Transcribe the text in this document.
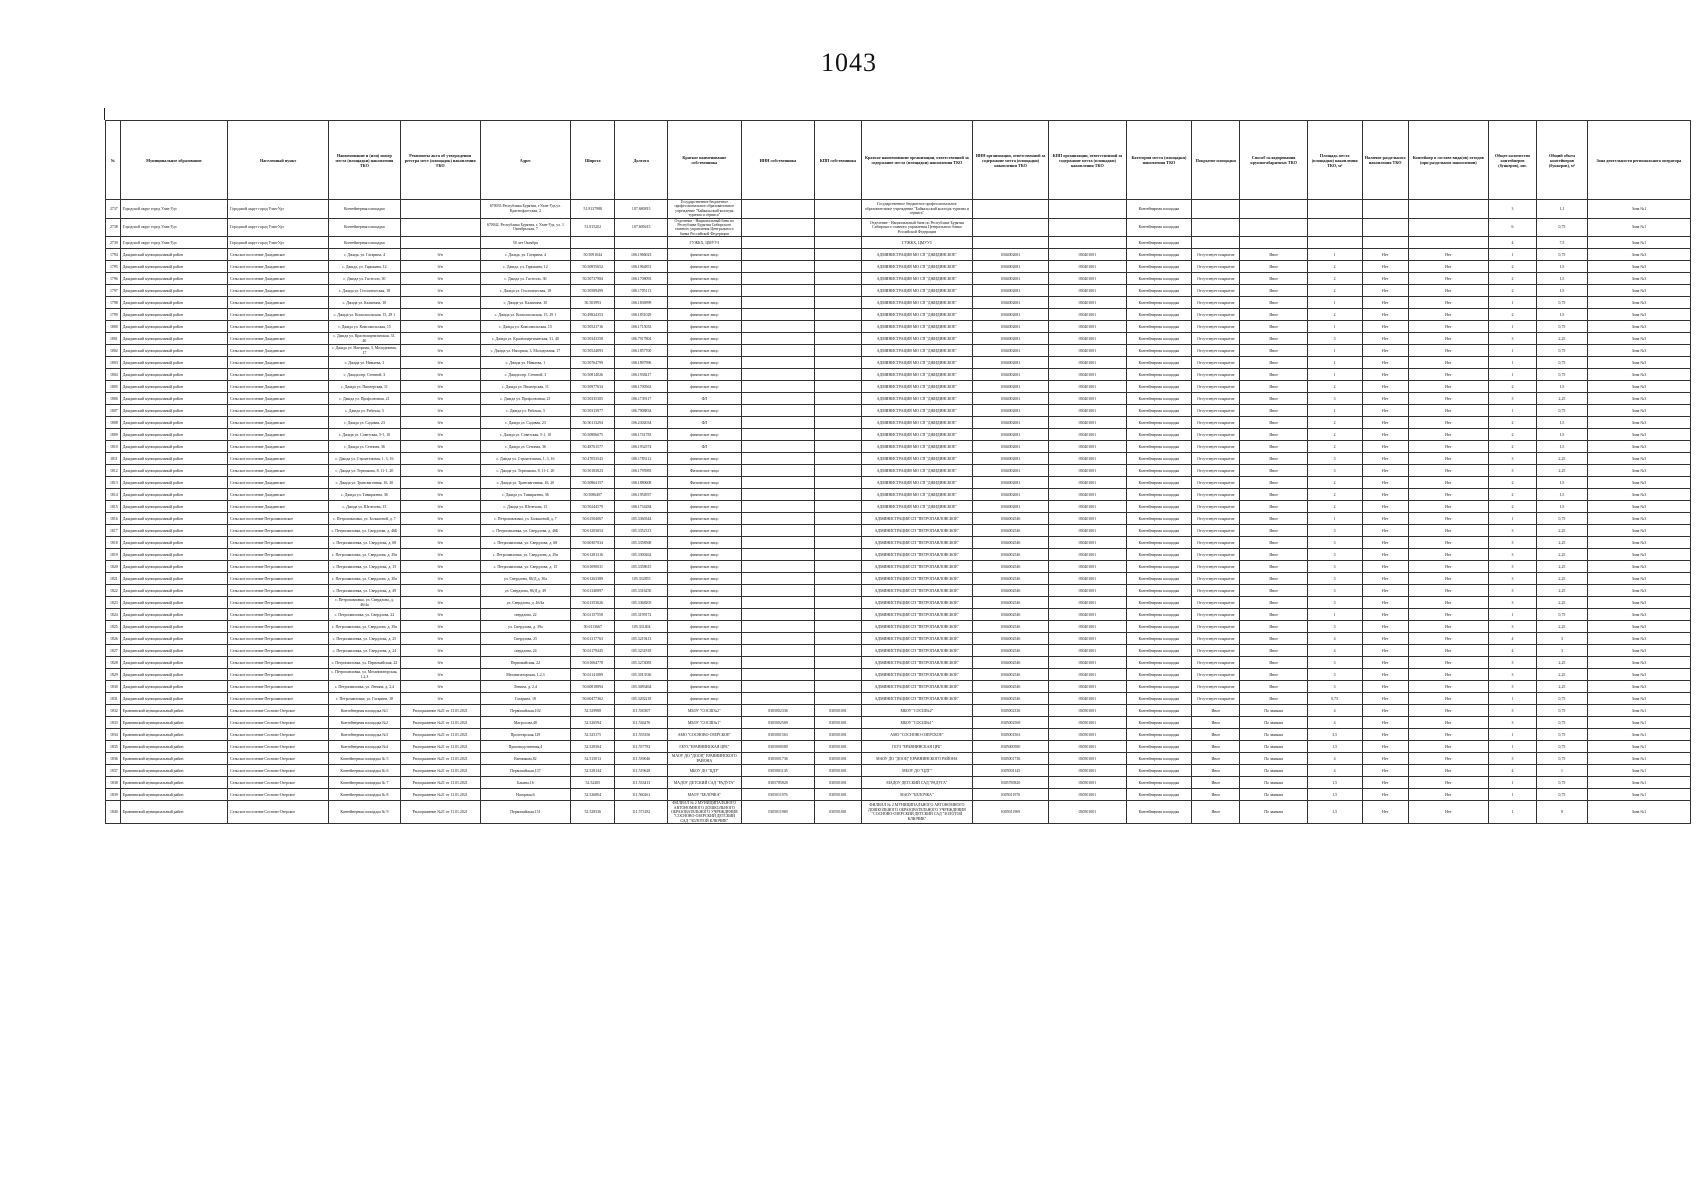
1043
№	Муниципальное образование	Населенный пункт	Наименование и (или) номер места (площадки) накопления ТКО	Реквизиты акта об утверждении реестра мест (площадок) накопления ТКО	Адрес	Широта	Долгота	Краткое наименование собственника	ИНН собственника	КПП собственника	Краткое наименование организации, ответственной за содержание места (площадки) накопления ТКО	ИНН организации, ответственной за содержание места (площадки) накопления ТКО	КПП организации, ответственной за содержание места (площадки) накопления ТКО	Категория места (площадки) накопления ТКО	Покрытие площадки	Способ складирования крупногабаритных ТКО	Площадь места (площадки) накопления ТКО, м²	Наличие раздельного накопления ТКО	Контейнер в составе вида(ов) отходов (при раздельном накоплении)	Общее количество контейнеров (бункеров), шт.	Общий объем контейнеров (бункеров), м³	Зона деятельности регионального оператора
2737	Городской округ город Улан-Удэ	Городской округ город Улан-Удэ	Контейнерная площадка		670033 Республика Бурятия, г.Улан-Удэ,ул. Краснофлотская, 2	51.8137988	107.680815	Государственное бюджетное профессиональное образовательное учреждение "Байкальский колледж туризма и сервиса"			Государственное бюджетное профессиональное образовательное учреждение "Байкальский колледж туризма и сервиса"			Контейнерная площадка						3	1,1	Зона №1
2738	Городской округ город Улан-Удэ	Городской округ город Улан-Удэ	Контейнерная площадка		670042, Республика Бурятия, г. Улан-Удэ, ул. 1 Октябрьская, 7	51.815202	107.609415	Отделение - Национальный банк по Республике Бурятия Сибирского главного управления Центрального банка Российской Федерации			Отделение - Национальный банк по Республике Бурятия Сибирского главного управления Центрального банка Российской Федерации			Контейнерная площадка						6	0,75	Зона №1
2739	Городской округ город Улан-Удэ	Городской округ город Улан-Удэ	Контейнерная площадка		50 лет Октября			ГУЖКХ, ЦМУУЗ			ГУЖКХ, ЦМУУЗ			Контейнерная площадка						4	7,5	Зона №1
1794	Джидинский муниципальный район	Сельское поселение Джидинское	с. Джида, ул. Гагарина, 4	б/н	с. Джида, ул. Гагарина, 4	50.5091044	106.1966023	физическое лицо			АДМИНИСТРАЦИЯ МО СП "ДЖИДИНСКОЕ"	0304002681	030401001	Контейнерная площадка	Отсутствует покрытие	Иное	1	Нет	Нет	1	0,75	Зона №3
1795	Джидинский муниципальный район	Сельское поселение Джидинское	с. Джида, ул. Гарыкина, 12	б/н	с. Джида, ул. Гарыкина, 12	50.50855652	106.1964851	физическое лицо			АДМИНИСТРАЦИЯ МО СП "ДЖИДИНСКОЕ"	0304002681	030401001	Контейнерная площадка	Отсутствует покрытие	Иное	2	Нет	Нет	2	1,5	Зона №3
1796	Джидинский муниципальный район	Сельское поселение Джидинское	с. Джида ул. Гастелло, 30	б/н	с. Джида ул. Гастелло, 30	50.50737984	106.1708093	физическое лицо			АДМИНИСТРАЦИЯ МО СП "ДЖИДИНСКОЕ"	0304002681	030401001	Контейнерная площадка	Отсутствует покрытие	Иное	2	Нет	Нет	2	1,5	Зона №3
1797	Джидинский муниципальный район	Сельское поселение Джидинское	с. Джида ул. Геологическая, 18	б/н	с. Джида ул. Геологическая, 18	50.50589499	106.1705113	физическое лицо			АДМИНИСТРАЦИЯ МО СП "ДЖИДИНСКОЕ"	0304002681	030401001	Контейнерная площадка	Отсутствует покрытие	Иное	2	Нет	Нет	2	1,5	Зона №3
1798	Джидинский муниципальный район	Сельское поселение Джидинское	с. Джида ул. Калинина, 10	б/н	с. Джида ул. Калинина, 10	50.503993	106.1836999	физическое лицо			АДМИНИСТРАЦИЯ МО СП "ДЖИДИНСКОЕ"	0304002681	030401001	Контейнерная площадка	Отсутствует покрытие	Иное	1	Нет	Нет	1	0,75	Зона №3
1799	Джидинский муниципальный район	Сельское поселение Джидинское	с. Джида ул. Комсомольская, 15, 29 1	б/н	с. Джида ул. Комсомольская, 15, 29 1	50.49824353	106.1831029	физическое лицо			АДМИНИСТРАЦИЯ МО СП "ДЖИДИНСКОЕ"	0304002681	030401001	Контейнерная площадка	Отсутствует покрытие	Иное	2	Нет	Нет	2	1,5	Зона №3
1800	Джидинский муниципальный район	Сельское поселение Джидинское	с. Джида ул. Комсомольская, 15	б/н	с. Джида ул. Комсомольская, 15	50.50521716	106.1715033	физическое лицо			АДМИНИСТРАЦИЯ МО СП "ДЖИДИНСКОЕ"	0304002681	030401001	Контейнерная площадка	Отсутствует покрытие	Иное	1	Нет	Нет	1	0,75	Зона №3
1801	Джидинский муниципальный район	Сельское поселение Джидинское	с. Джида ул. Краснопартизанская, 31, 40	б/н	с. Джида ул. Краснопартизанская, 31, 40	50.50343358	106.7917804	физическое лицо			АДМИНИСТРАЦИЯ МО СП "ДЖИДИНСКОЕ"	0304002681	030401001	Контейнерная площадка	Отсутствует покрытие	Иное	3	Нет	Нет	3	2,25	Зона №3
1802	Джидинский муниципальный район	Сельское поселение Джидинское	с. Джида ул. Нагорная, 3, Молодежная, 17	б/н	с. Джида ул. Нагорная, 3, Молодежная, 17	50.50524093	106.1857700	физическое лицо			АДМИНИСТРАЦИЯ МО СП "ДЖИДИНСКОЕ"	0304002681	030401001	Контейнерная площадка	Отсутствует покрытие	Иное	1	Нет	Нет	1	0,75	Зона №3
1803	Джидинский муниципальный район	Сельское поселение Джидинское	с. Джида ул. Нимаева, 1	б/н	с. Джида ул. Нимаева, 1	50.50764799	106.1897996	физическое лицо			АДМИНИСТРАЦИЯ МО СП "ДЖИДИНСКОЕ"	0304002681	030401001	Контейнерная площадка	Отсутствует покрытие	Иное	1	Нет	Нет	1	0,75	Зона №3
1804	Джидинский муниципальный район	Сельское поселение Джидинское	с. Джида пер. Степной, 3	б/н	с. Джида пер. Степной, 3	50.50814026	106.1938217	физическое лицо			АДМИНИСТРАЦИЯ МО СП "ДЖИДИНСКОЕ"	0304002681	030401001	Контейнерная площадка	Отсутствует покрытие	Иное	1	Нет	Нет	1	0,75	Зона №3
1805	Джидинский муниципальный район	Сельское поселение Джидинское	с. Джида ул. Пионерская, 11	б/н	с. Джида ул. Пионерская, 11	50.50977634	106.1700563	физическое лицо			АДМИНИСТРАЦИЯ МО СП "ДЖИДИНСКОЕ"	0304002681	030401001	Контейнерная площадка	Отсутствует покрытие	Иное	2	Нет	Нет	2	1,5	Зона №3
1806	Джидинский муниципальный район	Сельское поселение Джидинское	с. Джида ул. Профсоюзная, 21	б/н	с. Джида ул. Профсоюзная, 21	50.50335305	106.1739117	ФЛ			АДМИНИСТРАЦИЯ МО СП "ДЖИДИНСКОЕ"	0304002681	030401001	Контейнерная площадка	Отсутствует покрытие	Иное	3	Нет	Нет	3	2,25	Зона №3
1807	Джидинский муниципальный район	Сельское поселение Джидинское	с. Джида ул. Рабочая, 3	б/н	с. Джида ул. Рабочая, 3	50.50313977	106.7908834	физическое лицо			АДМИНИСТРАЦИЯ МО СП "ДЖИДИНСКОЕ"	0304002681	030401001	Контейнерная площадка	Отсутствует покрытие	Иное	1	Нет	Нет	1	0,75	Зона №3
1808	Джидинский муниципальный район	Сельское поселение Джидинское	с. Джида ул. Садовая, 23	б/н	с. Джида ул. Садовая, 23	50.50113294	106.2302034	ФЛ			АДМИНИСТРАЦИЯ МО СП "ДЖИДИНСКОЕ"	0304002681	030401001	Контейнерная площадка	Отсутствует покрытие	Иное	2	Нет	Нет	2	1,5	Зона №3
1809	Джидинский муниципальный район	Сельское поселение Джидинское	с. Джида ул. Советская, 5-1, 10	б/н	с. Джида ул. Советская, 5-1, 10	50.50806675	106.1741783	физическое лицо			АДМИНИСТРАЦИЯ МО СП "ДЖИДИНСКОЕ"	0304002681	030401001	Контейнерная площадка	Отсутствует покрытие	Иное	2	Нет	Нет	2	1,5	Зона №3
1810	Джидинский муниципальный район	Сельское поселение Джидинское	с. Джида ул. Степная, 36	б/н	с. Джида ул. Степная, 36	50.48761577	106.1932574	ФЛ			АДМИНИСТРАЦИЯ МО СП "ДЖИДИНСКОЕ"	0304002681	030401001	Контейнерная площадка	Отсутствует покрытие	Иное	2	Нет	Нет	2	1,5	Зона №3
1811	Джидинский муниципальный район	Сельское поселение Джидинское	с. Джида ул. Строительная, 1, 3, 16	б/н	с. Джида ул. Строительная, 1, 3, 16	50.47053543	106.1783112	физическое лицо			АДМИНИСТРАЦИЯ МО СП "ДЖИДИНСКОЕ"	0304002681	030401001	Контейнерная площадка	Отсутствует покрытие	Иное	3	Нет	Нет	3	2,25	Зона №3
1812	Джидинский муниципальный район	Сельское поселение Джидинское	с. Джида ул. Терешкова, 8, 11-1, 20	б/н	с. Джида ул. Терешкова, 8, 11-1, 20	50.50183023	106.1795983	Физическое лицо			АДМИНИСТРАЦИЯ МО СП "ДЖИДИНСКОЕ"	0304002681	030401001	Контейнерная площадка	Отсутствует покрытие	Иное	3	Нет	Нет	3	2,25	Зона №3
1813	Джидинский муниципальный район	Сельское поселение Джидинское	с. Джида ул. Трансвагонная, 16, 20	б/н	с. Джида ул. Трансвагонная, 16, 20	50.50864157	106.1880608	Физическое лицо			АДМИНИСТРАЦИЯ МО СП "ДЖИДИНСКОЕ"	0304002681	030401001	Контейнерная площадка	Отсутствует покрытие	Иное	2	Нет	Нет	2	1,5	Зона №3
1814	Джидинский муниципальный район	Сельское поселение Джидинское	с. Джида ул. Тимирязева, 36	б/н	с. Джида ул. Тимирязева, 36	50.5086407	106.1954937	физическое лицо			АДМИНИСТРАЦИЯ МО СП "ДЖИДИНСКОЕ"	0304002681	030401001	Контейнерная площадка	Отсутствует покрытие	Иное	2	Нет	Нет	2	1,5	Зона №3
1815	Джидинский муниципальный район	Сельское поселение Джидинское	с. Джида ул. Шелехова, 15	б/н	с. Джида ул. Шелехова, 15	50.50244579	106.1734284	физическое лицо			АДМИНИСТРАЦИЯ МО СП "ДЖИДИНСКОЕ"	0304002681	030401001	Контейнерная площадка	Отсутствует покрытие	Иное	2	Нет	Нет	2	1,5	Зона №3
1816	Джидинский муниципальный район	Сельское поселение Петропавловское	с. Петропавловка, ул. Большевой, д. 7	б/н	с. Петропавловка, ул. Большевой, д. 7	50.61504067	105.3360344	физическое лицо			АДМИНИСТРАЦИЯ СП "ПЕТРОПАВЛОВСКОЕ"	0304002546	030401001	Контейнерная площадка	Отсутствует покрытие	Иное	1	Нет	Нет	1	0,75	Зона №3
1817	Джидинский муниципальный район	Сельское поселение Петропавловское	с. Петропавловка, ул. Свердлова, д. 46Б	б/н	с. Петропавловка, ул. Свердлова, д. 46Б	50.61203654	105.3352313	физическое лицо			АДМИНИСТРАЦИЯ СП "ПЕТРОПАВЛОВСКОЕ"	0304002546	030401001	Контейнерная площадка	Отсутствует покрытие	Иное	3	Нет	Нет	3	2,25	Зона №3
1818	Джидинский муниципальный район	Сельское поселение Петропавловское	с. Петропавловка, ул. Свердлова, д. 68	б/н	с. Петропавловка, ул. Свердлова, д. 68	50.60307034	105.3358568	физическое лицо			АДМИНИСТРАЦИЯ СП "ПЕТРОПАВЛОВСКОЕ"	0304002546	030401001	Контейнерная площадка	Отсутствует покрытие	Иное	3	Нет	Нет	3	2,25	Зона №3
1819	Джидинский муниципальный район	Сельское поселение Петропавловское	с. Петропавловка, ул. Свердлова, д. 29а	б/н	с. Петропавловка, ул. Свердлова, д. 29а	50.61281316	105.3300262	физическое лицо			АДМИНИСТРАЦИЯ СП "ПЕТРОПАВЛОВСКОЕ"	0304002546	030401001	Контейнерная площадка	Отсутствует покрытие	Иное	3	Нет	Нет	3	2,25	Зона №3
1820	Джидинский муниципальный район	Сельское поселение Петропавловское	с. Петропавловка, ул. Свердлова, д. 15	б/н	с. Петропавловка, ул. Свердлова, д. 15	50.61090031	105.3358615	физическое лицо			АДМИНИСТРАЦИЯ СП "ПЕТРОПАВЛОВСКОЕ"	0304002546	030401001	Контейнерная площадка	Отсутствует покрытие	Иное	3	Нет	Нет	3	2,25	Зона №3
1821	Джидинский муниципальный район	Сельское поселение Петропавловское	с. Петропавловка, ул. Свердлова, д. 30а	б/н	ул. Свердлова, 86/Д д. 30а	50.61263389	105.332855	физическое лицо			АДМИНИСТРАЦИЯ СП "ПЕТРОПАВЛОВСКОЕ"	0304002546	030401001	Контейнерная площадка	Отсутствует покрытие	Иное	3	Нет	Нет	3	2,25	Зона №3
1822	Джидинский муниципальный район	Сельское поселение Петропавловское	с. Петропавловка, ул. Свердлова, д. 49	б/н	ул. Свердлова, 86/Д д. 49	50.61340897	105.3316250	физическое лицо			АДМИНИСТРАЦИЯ СП "ПЕТРОПАВЛОВСКОЕ"	0304002546	030401001	Контейнерная площадка	Отсутствует покрытие	Иное	3	Нет	Нет	3	2,25	Зона №3
1823	Джидинский муниципальный район	Сельское поселение Петропавловское	с. Петропавловка, ул. Свердлова, д. 46/4а	б/н	ул. Свердлова, д. 46/4а	50.61353026	105.3368205	физическое лицо			АДМИНИСТРАЦИЯ СП "ПЕТРОПАВЛОВСКОЕ"	0304002546	030401001	Контейнерная площадка	Отсутствует покрытие	Иное	3	Нет	Нет	3	2,25	Зона №3
1824	Джидинский муниципальный район	Сельское поселение Петропавловское	с. Петропавловка, ул. Свердлова, 22	б/н	свердлова, 22	50.61157558	105.3199172	физическое лицо			АДМИНИСТРАЦИЯ СП "ПЕТРОПАВЛОВСКОЕ"	0304002546	030401001	Контейнерная площадка	Отсутствует покрытие	Иное	1	Нет	Нет	1	0,75	Зона №3
1825	Джидинский муниципальный район	Сельское поселение Петропавловское	с. Петропавловка, ул. Свердлова, д. 39а	б/н	ул. Свердлова, д. 39а	50.6113667	105.331404	физическое лицо			АДМИНИСТРАЦИЯ СП "ПЕТРОПАВЛОВСКОЕ"	0304002546	030401001	Контейнерная площадка	Отсутствует покрытие	Иное	3	Нет	Нет	3	2,25	Зона №3
1826	Джидинский муниципальный район	Сельское поселение Петропавловское	с. Петропавловка, ул. Свердлова, д. 25	б/н	Свердлова, 25	50.61317763	105.3219413	физическое лицо			АДМИНИСТРАЦИЯ СП "ПЕТРОПАВЛОВСКОЕ"	0304002546	030401001	Контейнерная площадка	Отсутствует покрытие	Иное	4	Нет	Нет	4	3	Зона №3
1827	Джидинский муниципальный район	Сельское поселение Петропавловское	с. Петропавловка, ул. Свердлова, д. 24	б/н	свердлова, 24	50.61179445	105.3231818	физическое лицо			АДМИНИСТРАЦИЯ СП "ПЕТРОПАВЛОВСКОЕ"	0304002546	030401001	Контейнерная площадка	Отсутствует покрытие	Иное	4	Нет	Нет	4	3	Зона №3
1828	Джидинский муниципальный район	Сельское поселение Петропавловское	с. Петропавловка, ул. Первомайская, 22	б/н	Первомайская, 22	50.61064778	105.3274083	физическое лицо			АДМИНИСТРАЦИЯ СП "ПЕТРОПАВЛОВСКОЕ"	0304002546	030401001	Контейнерная площадка	Отсутствует покрытие	Иное	3	Нет	Нет	3	2,25	Зона №3
1829	Джидинский муниципальный район	Сельское поселение Петропавловское	с. Петропавловка, ул. Механизаторская, 1,2,3	б/н	Механизаторская, 1,2,3	50.61141089	105.3013536	физическое лицо			АДМИНИСТРАЦИЯ СП "ПЕТРОПАВЛОВСКОЕ"	0304002546	030401001	Контейнерная площадка	Отсутствует покрытие	Иное	3	Нет	Нет	3	2,25	Зона №3
1830	Джидинский муниципальный район	Сельское поселение Петропавловское	с. Петропавловка, ул. Ленина, д. 2,4	б/н	Ленина, д. 2,4	50.60818894	105.3083464	физическое лицо			АДМИНИСТРАЦИЯ СП "ПЕТРОПАВЛОВСКОЕ"	0304002546	030401001	Контейнерная площадка	Отсутствует покрытие	Иное	3	Нет	Нет	3	2,25	Зона №3
1831	Джидинский муниципальный район	Сельское поселение Петропавловское	с. Петропавловка, ул. Гагарина, 18	б/н	Гагарина, 18	50.60477362	105.3202218	физическое лицо			АДМИНИСТРАЦИЯ СП "ПЕТРОПАВЛОВСКОЕ"	0304002546	030401001	Контейнерная площадка	Отсутствует покрытие	Иное	0,75	Нет	Нет	1	0,75	Зона №3
1832	Еравнинский муниципальный район	Сельское поселение Сосново-Озерское	Контейнерная площадка №1	Распоряжение №21 от 11.01.2021	Первомайская,102	52.529988	111.530307	МБОУ "СОСШ№2"	0305002336	030501001	МБОУ "СОСШ№2"	0305002336	030501001	Контейнерная площадка	Иное	По заявкам	4	Нет	Нет	3	0,75	Зона №1
1833	Еравнинский муниципальный район	Сельское поселение Сосново-Озерское	Контейнерная площадка №2	Распоряжение №21 от 11.01.2021	Матросова,48	52.526594	111.536276	МБОУ "СОСШ№1"	0305002569	030501001	МБОУ "СОСШ№1"	0305002569	030501001	Контейнерная площадка	Иное	По заявкам	4	Нет	Нет	3	0,75	Зона №1
1834	Еравнинский муниципальный район	Сельское поселение Сосново-Озерское	Контейнерная площадка №3	Распоряжение №21 от 11.01.2021	Пролетарская,129	52.525175	111.555356	АМО "СОСНОВО-ОЗЕРСКОЕ"	0305001563	030501001	АМО "СОСНОВО-ОЗЕРСКОЕ"	0305001563	030501001	Контейнерная площадка	Иное	По заявкам	3,5	Нет	Нет	1	0,75	Зона №1
1835	Еравнинский муниципальный район	Сельское поселение Сосново-Озерское	Контейнерная площадка №4	Распоряжение №21 от 11.01.2021	Производственная,4	52.528304	111.557783	ГБУЗ "ЕРАВНИНСКАЯ ЦРБ"	0305000580	030501001	ГБУЗ "ЕРАВНИНСКАЯ ЦРБ"	0305000580	030501001	Контейнерная площадка	Иное	По заявкам	1,5	Нет	Нет	1	0,75	Зона №1
1836	Еравнинский муниципальный район	Сельское поселение Сосново-Озерское	Контейнерная площадка № 5	Распоряжение №21 от 11.01.2021	Ванчикова,82	52.515013	111.539046	МАОУ ДО "ДООЦ" ЕРАВНИНСКОГО РАЙОНА	0305001736	030501001	МАОУ ДО "ДООЦ" ЕРАВНИНСКОГО РАЙОНА	0305001736	030501001	Контейнерная площадка	Иное	По заявкам	4	Нет	Нет	3	0,75	Зона №1
1837	Еравнинский муниципальный район	Сельское поселение Сосново-Озерское	Контейнерная площадка № 6	Распоряжение №21 от 11.01.2021	Первомайская,137	52.528144	111.519628	МБОУ ДО "ЦДТ"	0305001145	030501001	МБОУ ДО "ЦДТ"	0305001145	030501001	Контейнерная площадка	Иное	По заявкам	4	Нет	Нет	4	1	Зона №1
1838	Еравнинский муниципальный район	Сельское поселение Сосново-Озерское	Контейнерная площадка № 7	Распоряжение №21 от 11.01.2021	Бакина,16	52.52205	111.533413	МАДОУ ДЕТСКИЙ САД "РАДУГА"	0305785820	030501001	МАДОУ ДЕТСКИЙ САД "РАДУГА"	0305785820	030501001	Контейнерная площадка	Иное	По заявкам	1,5	Нет	Нет	1	0,75	Зона №1
1839	Еравнинский муниципальный район	Сельское поселение Сосново-Озерское	Контейнерная площадка № 8	Распоряжение №21 от 11.01.2021	Нагорная,6	52.526804	111.560261	МАОУ "БЕЛОЧКА"	0305011976	030501001	МАОУ "БЕЛОЧКА"	0305011976	030501001	Контейнерная площадка	Иное	По заявкам	1,5	Нет	Нет	1	0,75	Зона №1
1840	Еравнинский муниципальный район	Сельское поселение Сосново-Озерское	Контейнерная площадка № 9	Распоряжение №21 от 11.01.2021	Первомайская,151	52.528336	111.573182	ФИЛИАЛ № 2 МУНИЦИПАЛЬНОГО АВТОНОМНОГО ДОШКОЛЬНОГО ОБРАЗОВАТЕЛЬНОГО УЧРЕЖДЕНИЯ "СОСНОВО-ОЗЕРСКИЙ ДЕТСКИЙ САД "ЗОЛОТОЙ КЛЮЧИК"	0305011969	030501001	ФИЛИАЛ № 2 МУНИЦИПАЛЬНОГО АВТОНОМНОГО ДОШКОЛЬНОГО ОБРАЗОВАТЕЛЬНОГО УЧРЕЖДЕНИЯ "СОСНОВО-ОЗЕРСКИЙ ДЕТСКИЙ САД "ЗОЛОТОЙ КЛЮЧИК"	0305011969	030501001	Контейнерная площадка	Иное	По заявкам	1,5	Нет	Нет	1	8	Зона №1
